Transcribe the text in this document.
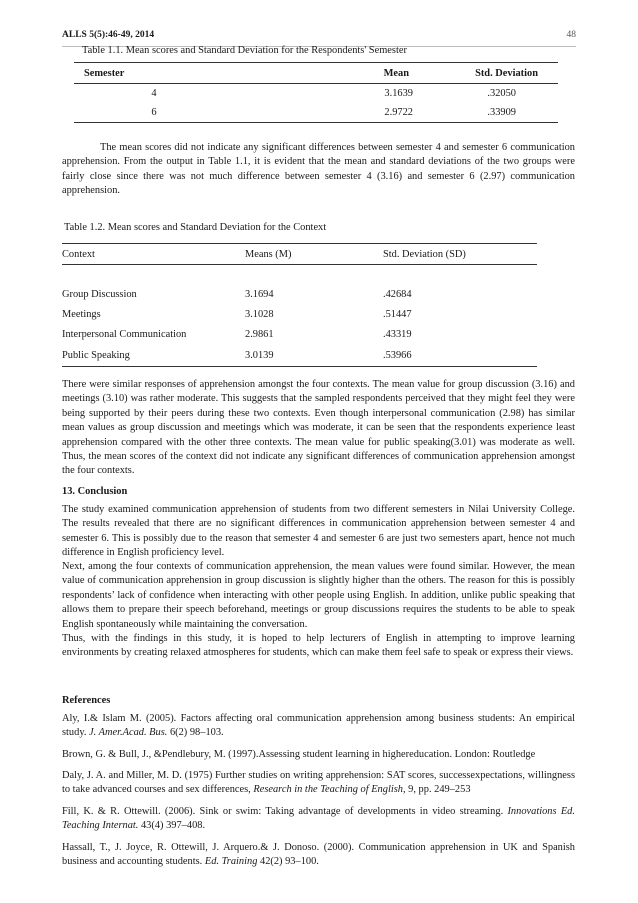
ALLS 5(5):46-49, 2014	48
Table 1.1. Mean scores and Standard Deviation for the Respondents' Semester
Semester	Mean	Std. Deviation
4	3.1639	.32050
6	2.9722	.33909

The mean scores did not indicate any significant differences between semester 4 and semester 6 communication apprehension. From the output in Table 1.1, it is evident that the mean and standard deviations of the two groups were fairly close since there was not much difference between semester 4 (3.16) and semester 6 (2.97) communication apprehension.

Table 1.2. Mean scores and Standard Deviation for the Context
Context	Means (M)	Std. Deviation (SD)

Group Discussion	3.1694	.42684
Meetings	3.1028	.51447
Interpersonal Communication	2.9861	.43319
Public Speaking	3.0139	.53966

There were similar responses of apprehension amongst the four contexts. The mean value for group discussion (3.16) and meetings (3.10) was rather moderate. This suggests that the sampled respondents perceived that they might feel they were being supported by their peers during these two contexts. Even though interpersonal communication (2.98) has similar mean values as group discussion and meetings which was moderate, it can be seen that the respondents experience least apprehension compared with the other three contexts. The mean value for public speaking(3.01) was moderate as well. Thus, the mean scores of the context did not indicate any significant differences of communication apprehension amongst the four contexts.

13. Conclusion

The study examined communication apprehension of students from two different semesters in Nilai University College. The results revealed that there are no significant differences in communication apprehension between semester 4 and semester 6. This is possibly due to the reason that semester 4 and semester 6 are just two semesters apart, hence not much difference in English proficiency level.

Next, among the four contexts of communication apprehension, the mean values were found similar. However, the mean value of communication apprehension in group discussion is slightly higher than the others. The reason for this is possibly respondents’ lack of confidence when interacting with other people using English. In addition, unlike public speaking that allows them to prepare their speech beforehand, meetings or group discussions requires the students to be able to speak English spontaneously while maintaining the conversation.

Thus, with the findings in this study, it is hoped to help lecturers of English in attempting to improve learning environments by creating relaxed atmospheres for students, which can make them feel safe to speak or express their views.

References

Aly, I.& Islam M. (2005). Factors affecting oral communication apprehension among business students: An empirical study. J. Amer.Acad. Bus. 6(2) 98–103.

Brown, G. & Bull, J., &Pendlebury, M. (1997).Assessing student learning in highereducation. London: Routledge

Daly, J. A. and Miller, M. D. (1975) Further studies on writing apprehension: SAT scores, successexpectations, willingness to take advanced courses and sex differences, Research in the Teaching of English, 9, pp. 249–253

Fill, K. & R. Ottewill. (2006). Sink or swim: Taking advantage of developments in video streaming. Innovations Ed. Teaching Internat. 43(4) 397–408.

Hassall, T., J. Joyce, R. Ottewill, J. Arquero.& J. Donoso. (2000). Communication apprehension in UK and Spanish business and accounting students. Ed. Training 42(2) 93–100.
